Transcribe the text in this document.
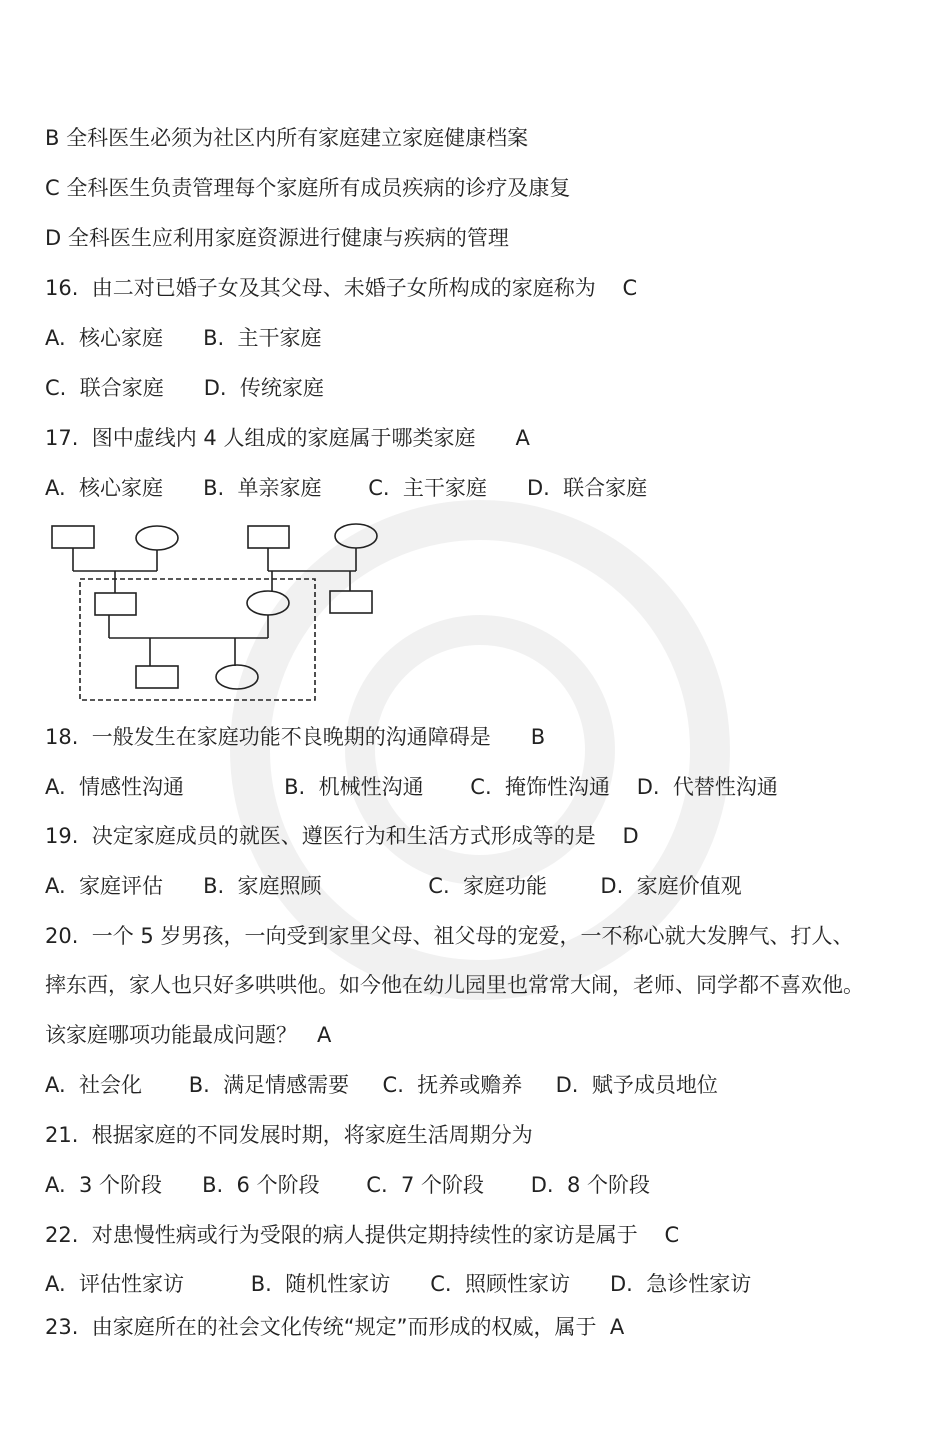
B 全科医生必须为社区内所有家庭建立家庭健康档案
C 全科医生负责管理每个家庭所有成员疾病的诊疗及康复
D 全科医生应利用家庭资源进行健康与疾病的管理
16.  由二对已婚子女及其父母、未婚子女所构成的家庭称为    C
A.  核心家庭      B.  主干家庭
C.  联合家庭      D.  传统家庭
17.  图中虚线内 4 人组成的家庭属于哪类家庭      A
A.  核心家庭      B.  单亲家庭       C.  主干家庭      D.  联合家庭
18.  一般发生在家庭功能不良晚期的沟通障碍是      B
A.  情感性沟通               B.  机械性沟通       C.  掩饰性沟通    D.  代替性沟通
19.  决定家庭成员的就医、遵医行为和生活方式形成等的是    D
A.  家庭评估      B.  家庭照顾                C.  家庭功能        D.  家庭价值观
20.  一个 5 岁男孩，一向受到家里父母、祖父母的宠爱，一不称心就大发脾气、打人、
摔东西，家人也只好多哄哄他。如今他在幼儿园里也常常大闹，老师、同学都不喜欢他。
该家庭哪项功能最成问题？   A
A.  社会化       B.  满足情感需要     C.  抚养或赡养     D.  赋予成员地位
21.  根据家庭的不同发展时期，将家庭生活周期分为
A.  3 个阶段      B.  6 个阶段       C.  7 个阶段       D.  8 个阶段
22.  对患慢性病或行为受限的病人提供定期持续性的家访是属于    C
A.  评估性家访          B.  随机性家访      C.  照顾性家访      D.  急诊性家访
23.  由家庭所在的社会文化传统“规定”而形成的权威，属于  A
